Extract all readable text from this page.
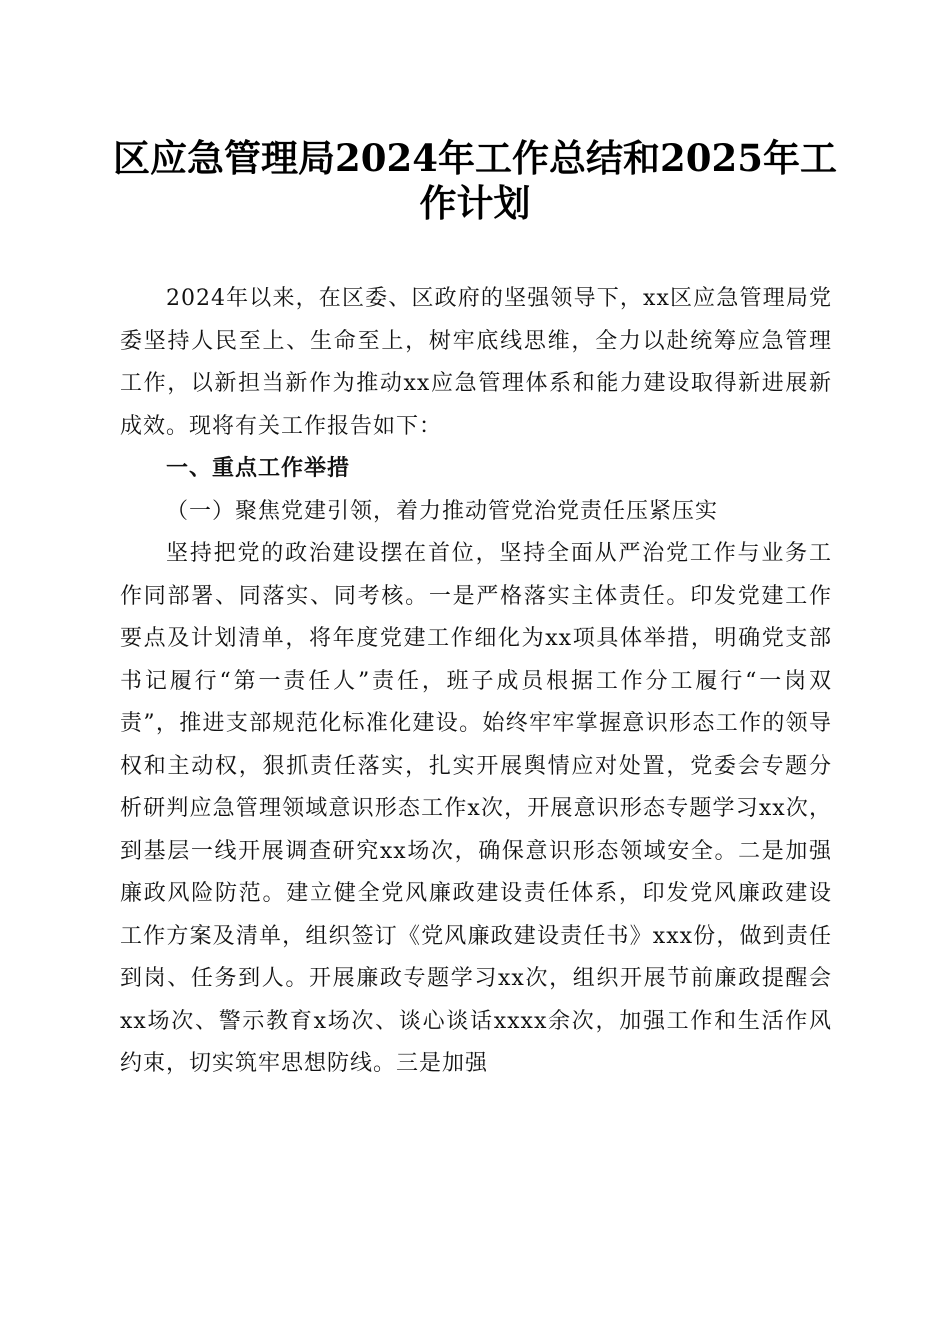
区应急管理局2024年工作总结和2025年工作计划

2024年以来，在区委、区政府的坚强领导下，xx区应急管理局党委坚持人民至上、生命至上，树牢底线思维，全力以赴统筹应急管理工作，以新担当新作为推动xx应急管理体系和能力建设取得新进展新成效。现将有关工作报告如下：

一、重点工作举措

（一）聚焦党建引领，着力推动管党治党责任压紧压实

坚持把党的政治建设摆在首位，坚持全面从严治党工作与业务工作同部署、同落实、同考核。一是严格落实主体责任。印发党建工作要点及计划清单，将年度党建工作细化为xx项具体举措，明确党支部书记履行“第一责任人”责任，班子成员根据工作分工履行“一岗双责”，推进支部规范化标准化建设。始终牢牢掌握意识形态工作的领导权和主动权，狠抓责任落实，扎实开展舆情应对处置，党委会专题分析研判应急管理领域意识形态工作x次，开展意识形态专题学习xx次，到基层一线开展调查研究xx场次，确保意识形态领域安全。二是加强廉政风险防范。建立健全党风廉政建设责任体系，印发党风廉政建设工作方案及清单，组织签订《党风廉政建设责任书》xxx份，做到责任到岗、任务到人。开展廉政专题学习xx次，组织开展节前廉政提醒会xx场次、警示教育x场次、谈心谈话xxxx余次，加强工作和生活作风约束，切实筑牢思想防线。三是加强
